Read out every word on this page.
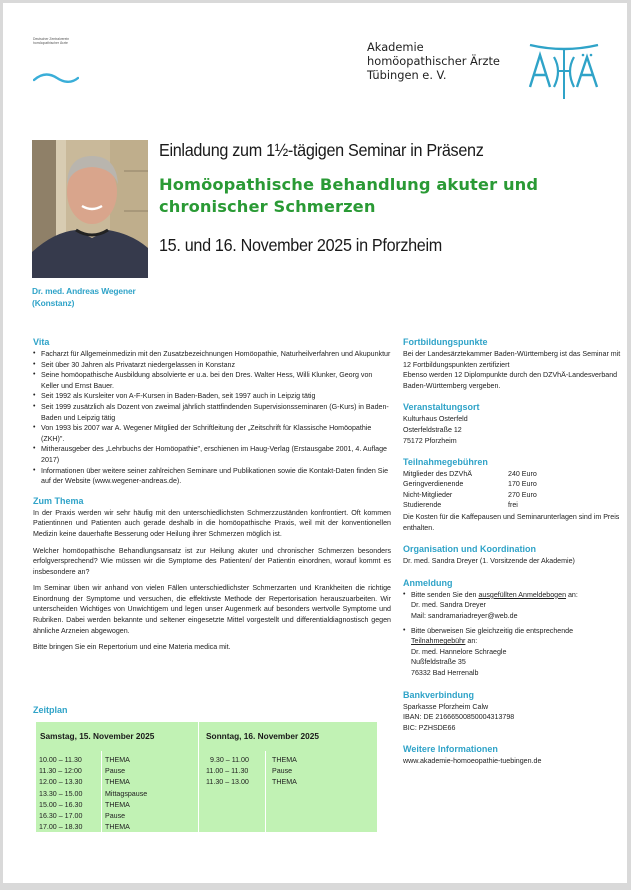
Deutscher Zentralverein
homöopathischer Ärzte	Akademie
homöopathischer Ärzte
Tübingen e. V.
Dr. med. Andreas Wegener
(Konstanz)
Einladung zum 1½-tägigen Seminar in Präsenz
Homöopathische Behandlung akuter und
chronischer Schmerzen
15. und 16. November 2025 in Pforzheim
Vita
• Facharzt für Allgemeinmedizin mit den Zusatzbezeichnungen Homöopathie, Naturheilverfahren und Akupunktur
• Seit über 30 Jahren als Privatarzt niedergelassen in Konstanz
• Seine homöopathische Ausbildung absolvierte er u.a. bei den Dres. Walter Hess, Willi Klunker, Georg von Keller und Ernst Bauer.
• Seit 1992 als Kursleiter von A-F-Kursen in Baden-Baden, seit 1997 auch in Leipzig tätig
• Seit 1999 zusätzlich als Dozent von zweimal jährlich stattfindenden Supervisionsseminaren (G-Kurs) in Baden-Baden und Leipzig tätig
• Von 1993 bis 2007 war A. Wegener Mitglied der Schriftleitung der „Zeitschrift für Klassische Homöopathie (ZKH)".
• Mitherausgeber des „Lehrbuchs der Homöopathie", erschienen im Haug-Verlag (Erstausgabe 2001, 4. Auflage 2017)
• Informationen über weitere seiner zahlreichen Seminare und Publikationen sowie die Kontakt-Daten finden Sie auf der Website (www.wegener-andreas.de).
Zum Thema
In der Praxis werden wir sehr häufig mit den unterschiedlichsten Schmerzzuständen konfrontiert. Oft kommen Patientinnen und Patienten auch gerade deshalb in die homöopathische Praxis, weil mit der konventionellen Medizin keine dauerhafte Besserung oder Heilung ihrer Schmerzen möglich ist.
Welcher homöopathische Behandlungsansatz ist zur Heilung akuter und chronischer Schmerzen besonders erfolgversprechend? Wie müssen wir die Symptome des Patienten/ der Patientin einordnen, worauf kommt es insbesondere an?
Im Seminar üben wir anhand von vielen Fällen unterschiedlichster Schmerzarten und Krankheiten die richtige Einordnung der Symptome und versuchen, die effektivste Methode der Repertorisation herauszuarbeiten. Wir unterscheiden Wichtiges von Unwichtigem und legen unser Augenmerk auf besonders wertvolle Symptome und Rubriken. Dabei werden bekannte und seltener eingesetzte Mittel vorgestellt und differentialdiagnostisch gegen ähnliche Arzneien abgewogen.
Bitte bringen Sie ein Repertorium und eine Materia medica mit.
Zeitplan
Samstag, 15. November 2025	Sonntag, 16. November 2025
10.00 – 11.30	THEMA
11.30 – 12:00	Pause
12.00 – 13.30	THEMA
13.30 – 15.00	Mittagspause
15.00 – 16.30	THEMA
16.30 – 17.00	Pause
17.00 – 18.30	THEMA
9.30 – 11.00	THEMA
11.00 – 11.30	Pause
11.30 – 13.00	THEMA
Fortbildungspunkte
Bei der Landesärztekammer Baden-Württemberg ist das Seminar mit 12 Fortbildungspunkten zertifiziert
Ebenso werden 12 Diplompunkte durch den DZVhÄ-Landesverband Baden-Württemberg vergeben.
Veranstaltungsort
Kulturhaus Osterfeld
Osterfeldstraße 12
75172 Pforzheim
Teilnahmegebühren
Mitglieder des DZVhÄ	240 Euro
Geringverdienende	170 Euro
Nicht-Mitglieder	270 Euro
Studierende	frei
Die Kosten für die Kaffepausen und Seminarunterlagen sind im Preis enthalten.
Organisation und Koordination
Dr. med. Sandra Dreyer (1. Vorsitzende der Akademie)
Anmeldung
• Bitte senden Sie den ausgefüllten Anmeldebogen an:
Dr. med. Sandra Dreyer
Mail: sandramariadreyer@web.de
• Bitte überweisen Sie gleichzeitig die entsprechende Teilnahmegebühr an:
Dr. med. Hannelore Schraegle
Nußfeldstraße 35
76332 Bad Herrenalb
Bankverbindung
Sparkasse Pforzheim Calw
IBAN: DE 21666500850004313798
BIC: PZHSDE66
Weitere Informationen
www.akademie-homoeopathie-tuebingen.de
